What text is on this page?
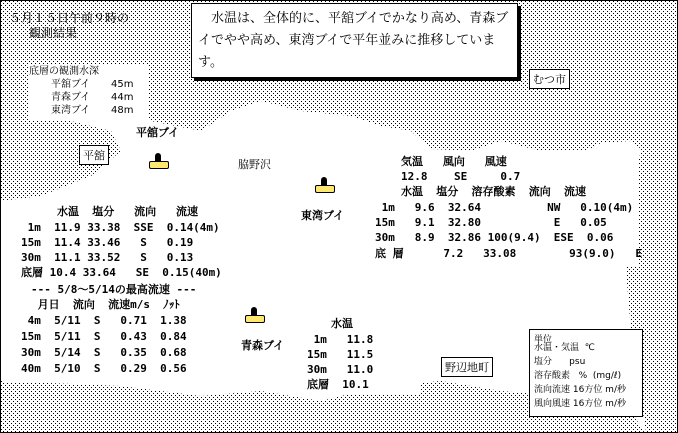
５月１５日午前９時の
観測結果
水温は、全体的に、平舘ブイでかなり高め、青森ブイでやや高め、東湾ブイで平年並みに推移しています。
底層の観測水深
平舘ブイ 45m
青森ブイ 44m
東湾ブイ 48m
むつ市
平舘
脇野沢
野辺地町
平舘ブイ
東湾ブイ
青森ブイ
水温  塩分   流向   流速
1m  11.9 33.38  SSE  0.14(4m)
15m  11.4 33.46   S   0.19
30m  11.1 33.52   S   0.13
底層 10.4 33.64   SE  0.15(40m)
--- 5/8～5/14の最高流速 ---
月日  流向  流速m/s  ﾉｯﾄ
4m  5/11  S   0.71  1.38
15m  5/11  S   0.43  0.84
30m  5/14  S   0.35  0.68
40m  5/10  S   0.29  0.56
気温   風向   風速
12.8    SE     0.7
水温  塩分  溶存酸素  流向  流速
1m   9.6  32.64          NW   0.10(4m)
15m   9.1  32.80           E   0.05
30m   8.9  32.86 100(9.4)  ESE  0.06
底 層      7.2   33.08        93(9.0)   E
水温
1m   11.8
15m   11.5
30m   11.0
底層  10.1
単位
水温・気温  ℃
塩分      psu
溶存酸素   %  (mg/ℓ)
流向流速 16方位 m/秒
風向風速 16方位 m/秒
